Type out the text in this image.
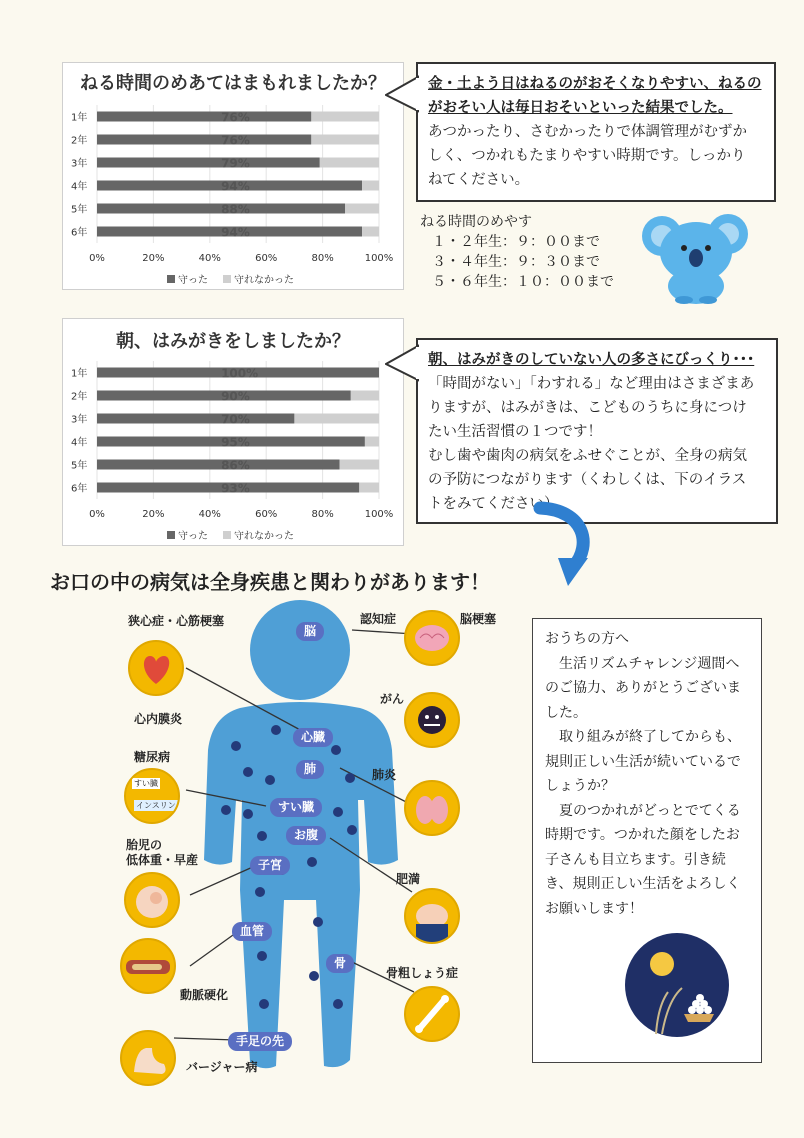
ねる時間のめあてはまもれましたか？
0%	20%	40%	60%	80%	100%
1年	76%
2年	76%
3年	79%
4年	94%
5年	88%
6年	94%
守った	守れなかった
朝、はみがきをしましたか？
0%	20%	40%	60%	80%	100%
1年	100%
2年	90%
3年	70%
4年	95%
5年	86%
6年	93%
守った	守れなかった
金・土よう日はねるのがおそくなりやすい、ねるの
がおそい人は毎日おそいといった結果でした。
あつかったり、さむかったりで体調管理がむずか
しく、つかれもたまりやすい時期です。しっかり
ねてください。
ねる時間のめやす
１・２年生：９：００まで
３・４年生：９：３０まで
５・６年生：１０：００まで
朝、はみがきのしていない人の多さにびっくり･･･
「時間がない」「わすれる」など理由はさまざまあ
りますが、はみがきは、こどものうちに身につけ
たい生活習慣の１つです！
むし歯や歯肉の病気をふせぐことが、全身の病気
の予防につながります（くわしくは、下のイラス
トをみてください）
お口の中の病気は全身疾患と関わりがあります！
脳
心臓
肺
すい臓
お腹
子宮
血管
骨
手足の先
狭心症・心筋梗塞
心内膜炎
糖尿病
すい臓
インスリン
胎児の
低体重・早産
動脈硬化
バージャー病
認知症	脳梗塞
がん
肺炎
肥満
骨粗しょう症

おうちの方へ

生活リズムチャレンジ週間へのご協力、ありがとうございました。

取り組みが終了してからも、規則正しい生活が続いているでしょうか？

夏のつかれがどっとでてくる時期です。つかれた顔をしたお子さんも目立ちます。引き続き、規則正しい生活をよろしくお願いします！
